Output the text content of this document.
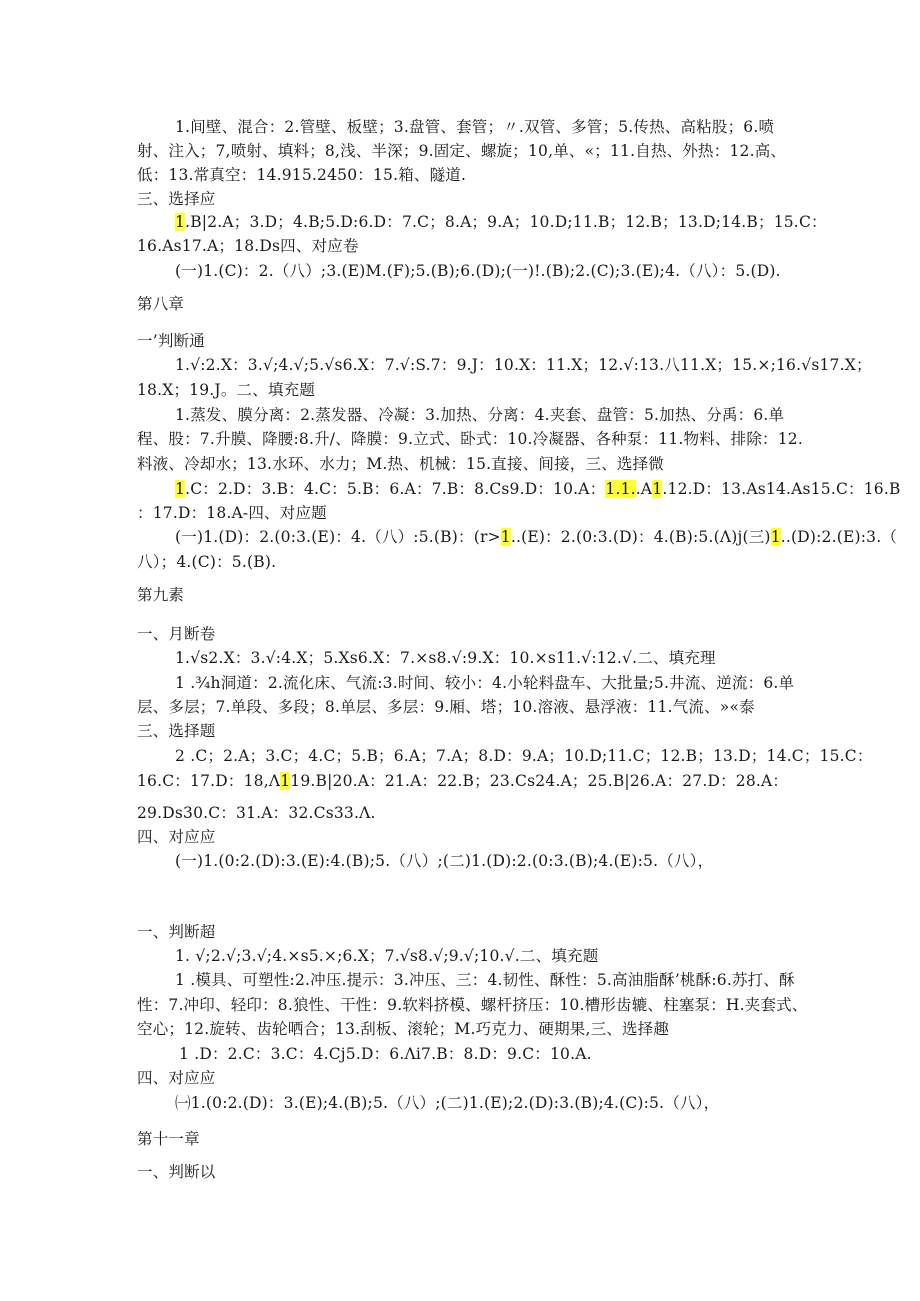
1.间壁、混合：2.管壁、板壁；3.盘管、套管；〃.双管、多管；5.传热、高粘股；6.喷
射、注入；7,喷射、填料；8,浅、半深；9.固定、螺旋；10,单、«；11.自热、外热：12.高、
低：13.常真空：14.915.2450：15.箱、隧道.
三、选择应
1.B|2.A；3.D；4.B;5.D:6.D：7.C；8.A；9.A；10.D;11.B；12.B；13.D;14.B；15.C：
16.As17.A；18.Ds四、对应卷
(一)1.(C)：2.（八）;3.(E)M.(F);5.(B);6.(D);(一)!.(B);2.(C);3.(E);4.（八）：5.(D).
第八章
一’判断通
1.√:2.X：3.√;4.√;5.√s6.X：7.√:S.7：9.J：10.X：11.X；12.√:13.八11.X；15.×;16.√s17.X；
18.X；19.J。二、填充题
1.蒸发、膜分离：2.蒸发器、冷凝：3.加热、分离：4.夹套、盘管：5.加热、分禹：6.单
程、股：7.升膜、降腰:8.升/、降膜：9.立式、卧式：10.冷凝器、各种泵：11.物料、排除：12.
料液、冷却水；13.水环、水力；M.热、机械：15.直接、间接，三、选择微
1.C：2.D：3.B：4.C：5.B：6.A：7.B：8.Cs9.D：10.A：1.1..A1.12.D：13.As14.As15.C：16.B
：17.D：18.A-四、对应题
(一)1.(D)：2.(0:3.(E)：4.（八）:5.(B)：(r>1..(E)：2.(0:3.(D)：4.(B):5.(Λ)j(三)1..(D):2.(E):3.（
八）；4.(C)：5.(B).
第九素
一、月断卷
1.√s2.X：3.√:4.X；5.Xs6.X：7.×s8.√:9.X：10.×s11.√:12.√.二、填充理
1 .¾h洞道：2.流化床、气流:3.时间、较小：4.小轮料盘车、大批量;5.井流、逆流：6.单
层、多层；7.单段、多段；8.单层、多层：9.厢、塔；10.溶液、悬浮液：11.气流、»«泰
三、选择题
2 .C；2.A；3.C；4.C；5.B；6.A；7.A；8.D：9.A；10.D;11.C；12.B；13.D；14.C；15.C：
16.C：17.D：18,Λ119.B|20.A：21.A：22.B；23.Cs24.A；25.B|26.A：27.D：28.A：
29.Ds30.C：31.A：32.Cs33.Λ.
四、对应应
(一)1.(0:2.(D):3.(E):4.(B);5.（八）;(二)1.(D):2.(0:3.(B);4.(E):5.（八），
一、判断超
1. √;2.√;3.√;4.×s5.×;6.X；7.√s8.√;9.√;10.√.二、填充题
1 .模具、可塑性:2.冲压.提示：3.冲压、三：4.韧性、酥性：5.高油脂酥’桃酥:6.苏打、酥
性：7.冲印、轻印：8.狼性、干性：9.软料挤模、螺杆挤压：10.槽形齿辘、柱塞泵：H.夹套式、
空心；12.旋转、齿轮哂合；13.刮板、滚轮；M.巧克力、硬期果,三、选择趣
1 .D：2.C：3.C：4.Cj5.D：6.Λi7.B：8.D：9.C：10.A.
四、对应应
㈠1.(0:2.(D)：3.(E);4.(B);5.（八）;(二)1.(E);2.(D):3.(B);4.(C):5.（八），
第十一章
一、判断以
